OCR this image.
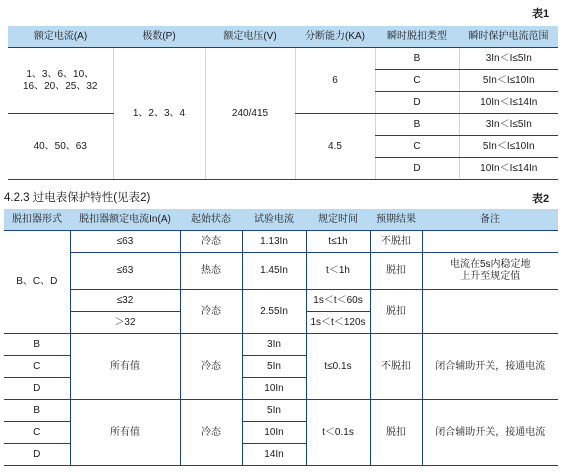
表1
额定电流(A)	极数(P)	额定电压(V)	分断能力(KA)	瞬时脱扣类型	瞬时保护电流范围

1、3、6、10、
16、20、25、32	1、2、3、4	240/415	6	B	3In＜I≤5In
				C	5In＜I≤10In
				D	10In＜I≤14In
40、50、63			4.5	B	3In＜I≤5In
				C	5In＜I≤10In
				D	10In＜I≤14In
4.2.3 过电表保护特性(见表2)	表2
脱扣器形式	脱扣器额定电流In(A)	起始状态	试验电流	规定时间	预期结果	备注
B、C、D	≤63	冷态	1.13In	t≤1h	不脱扣	
	≤63	热态	1.45In	t＜1h	脱扣	电流在5s内稳定地
上升至规定值

	≤32	冷态	2.55In	1s＜t＜60s	脱扣	
	＞32			1s＜t＜120s		
B	所有值	冷态	3In	t≤0.1s	不脱扣	闭合辅助开关，接通电流
C			5In			
D			10In			
B	所有值	冷态	5In	t＜0.1s	脱扣	闭合辅助开关，接通电流
C			10In			
D			14In			
